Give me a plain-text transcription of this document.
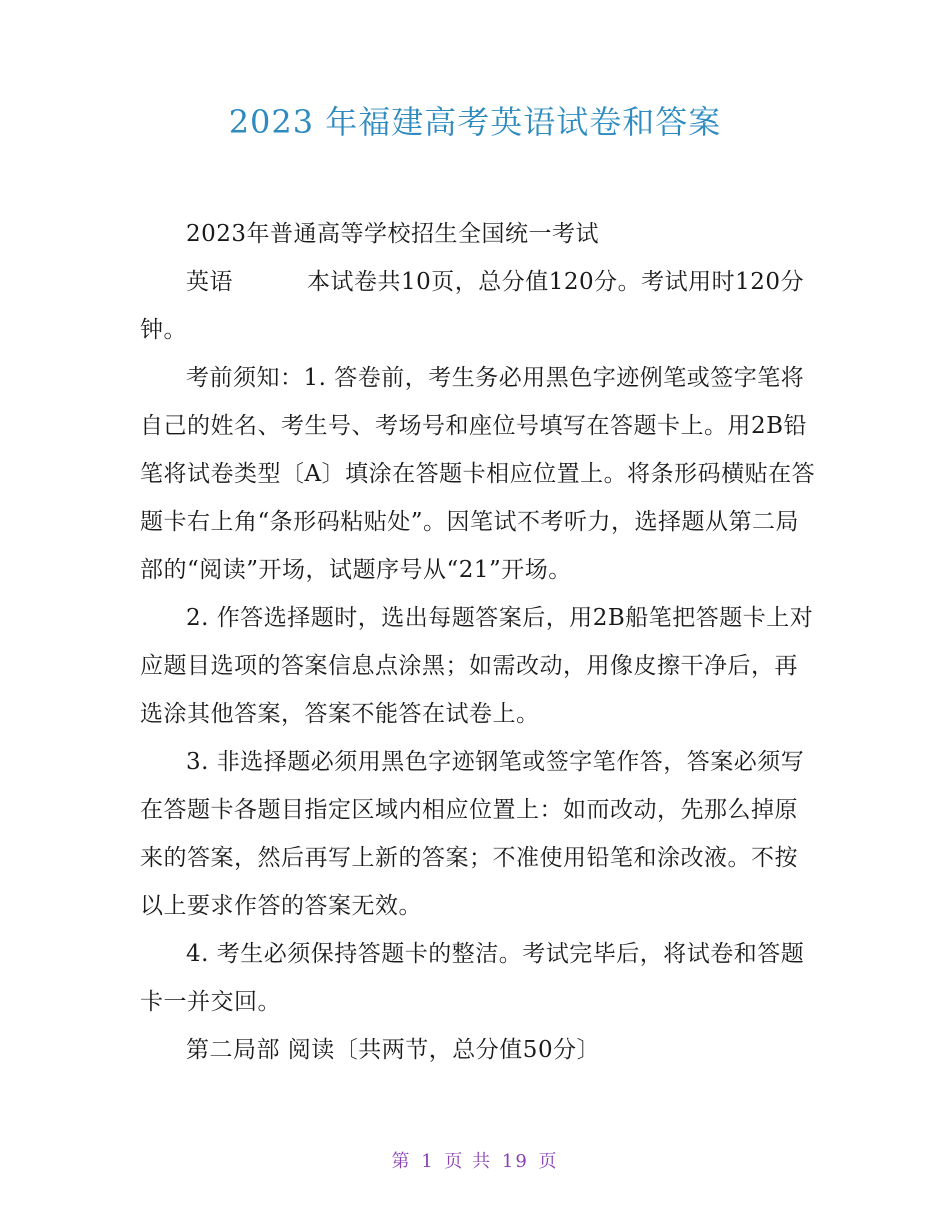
2023 年福建高考英语试卷和答案

2023年普通高等学校招生全国统一考试

英语	本试卷共10页，总分值120分。考试用时120分钟。

考前须知：1. 答卷前，考生务必用黑色字迹例笔或签字笔将自己的姓名、考生号、考场号和座位号填写在答题卡上。用2B铅笔将试卷类型〔A〕填涂在答题卡相应位置上。将条形码横贴在答题卡右上角“条形码粘贴处”。因笔试不考听力，选择题从第二局部的“阅读”开场，试题序号从“21”开场。

2. 作答选择题时，选出每题答案后，用2B船笔把答题卡上对应题目选项的答案信息点涂黑；如需改动，用像皮擦干净后，再选涂其他答案，答案不能答在试卷上。

3. 非选择题必须用黑色字迹钢笔或签字笔作答，答案必须写在答题卡各题目指定区域内相应位置上：如而改动，先那么掉原来的答案，然后再写上新的答案；不准使用铅笔和涂改液。不按以上要求作答的答案无效。

4. 考生必须保持答题卡的整洁。考试完毕后，将试卷和答题卡一并交回。

第二局部 阅读〔共两节，总分值50分〕

第 1 页 共 19 页
